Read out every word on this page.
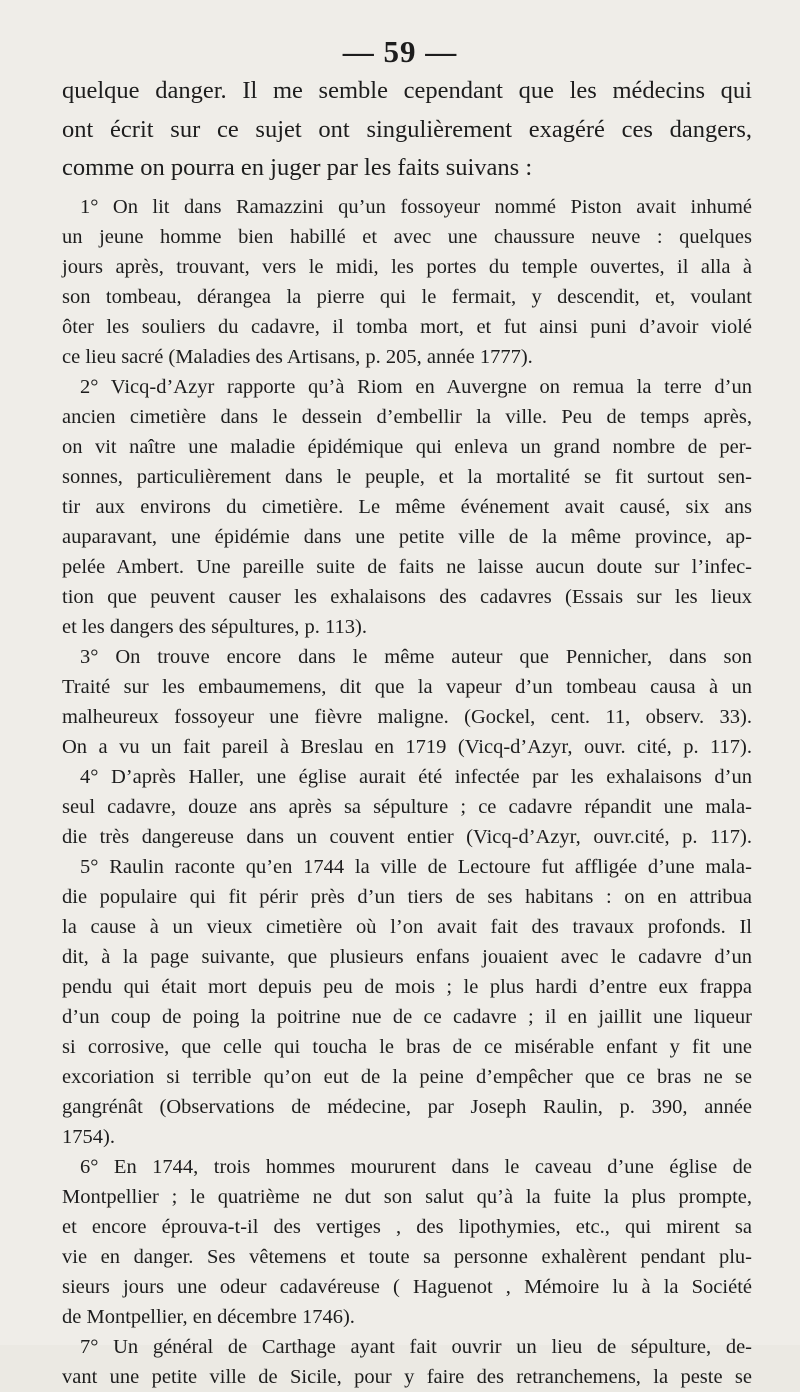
— 59 —
quelque danger. Il me semble cependant que les médecins qui
ont écrit sur ce sujet ont singulièrement exagéré ces dangers,
comme on pourra en juger par les faits suivans :
1° On lit dans Ramazzini qu’un fossoyeur nommé Piston avait inhumé
un jeune homme bien habillé et avec une chaussure neuve : quelques
jours après, trouvant, vers le midi, les portes du temple ouvertes, il alla à
son tombeau, dérangea la pierre qui le fermait, y descendit, et, voulant
ôter les souliers du cadavre, il tomba mort, et fut ainsi puni d’avoir violé
ce lieu sacré (Maladies des Artisans, p. 205, année 1777).
2° Vicq-d’Azyr rapporte qu’à Riom en Auvergne on remua la terre d’un
ancien cimetière dans le dessein d’embellir la ville. Peu de temps après,
on vit naître une maladie épidémique qui enleva un grand nombre de per-
sonnes, particulièrement dans le peuple, et la mortalité se fit surtout sen-
tir aux environs du cimetière. Le même événement avait causé, six ans
auparavant, une épidémie dans une petite ville de la même province, ap-
pelée Ambert. Une pareille suite de faits ne laisse aucun doute sur l’infec-
tion que peuvent causer les exhalaisons des cadavres (Essais sur les lieux
et les dangers des sépultures, p. 113).
3° On trouve encore dans le même auteur que Pennicher, dans son
Traité sur les embaumemens, dit que la vapeur d’un tombeau causa à un
malheureux fossoyeur une fièvre maligne. (Gockel, cent. 11, observ. 33).
On a vu un fait pareil à Breslau en 1719 (Vicq-d’Azyr, ouvr. cité, p. 117).
4° D’après Haller, une église aurait été infectée par les exhalaisons d’un
seul cadavre, douze ans après sa sépulture ; ce cadavre répandit une mala-
die très dangereuse dans un couvent entier (Vicq-d’Azyr, ouvr.cité, p. 117).
5° Raulin raconte qu’en 1744 la ville de Lectoure fut affligée d’une mala-
die populaire qui fit périr près d’un tiers de ses habitans : on en attribua
la cause à un vieux cimetière où l’on avait fait des travaux profonds. Il
dit, à la page suivante, que plusieurs enfans jouaient avec le cadavre d’un
pendu qui était mort depuis peu de mois ; le plus hardi d’entre eux frappa
d’un coup de poing la poitrine nue de ce cadavre ; il en jaillit une liqueur
si corrosive, que celle qui toucha le bras de ce misérable enfant y fit une
excoriation si terrible qu’on eut de la peine d’empêcher que ce bras ne se
gangrénât (Observations de médecine, par Joseph Raulin, p. 390, année
1754).
6° En 1744, trois hommes moururent dans le caveau d’une église de
Montpellier ; le quatrième ne dut son salut qu’à la fuite la plus prompte,
et encore éprouva-t-il des vertiges , des lipothymies, etc., qui mirent sa
vie en danger. Ses vêtemens et toute sa personne exhalèrent pendant plu-
sieurs jours une odeur cadavéreuse ( Haguenot , Mémoire lu à la Société
de Montpellier, en décembre 1746).
7° Un général de Carthage ayant fait ouvrir un lieu de sépulture, de-
vant une petite ville de Sicile, pour y faire des retranchemens, la peste se
